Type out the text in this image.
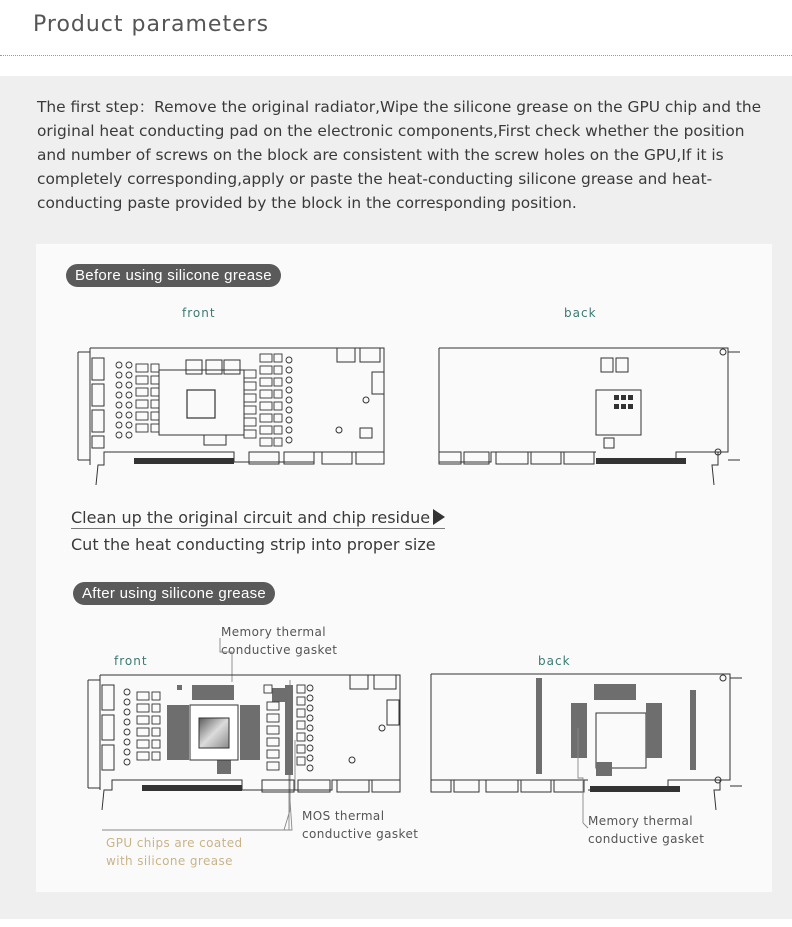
Product parameters

The first step：Remove the original radiator,Wipe the silicone grease on the GPU chip and the original heat conducting pad on the electronic components,First check whether the position and number of screws on the block are consistent with the screw holes on the GPU,If it is completely corresponding,apply or paste the heat-conducting silicone grease and heat-conducting paste provided by the block in the corresponding position.

Before using silicone grease
front	back
Clean up the original circuit and chip residue
Cut the heat conducting strip into proper size
After using silicone grease
Memory thermal
conductive gasket
front	back
MOS thermal
conductive gasket
GPU chips are coated
with silicone grease
Memory thermal
conductive gasket
